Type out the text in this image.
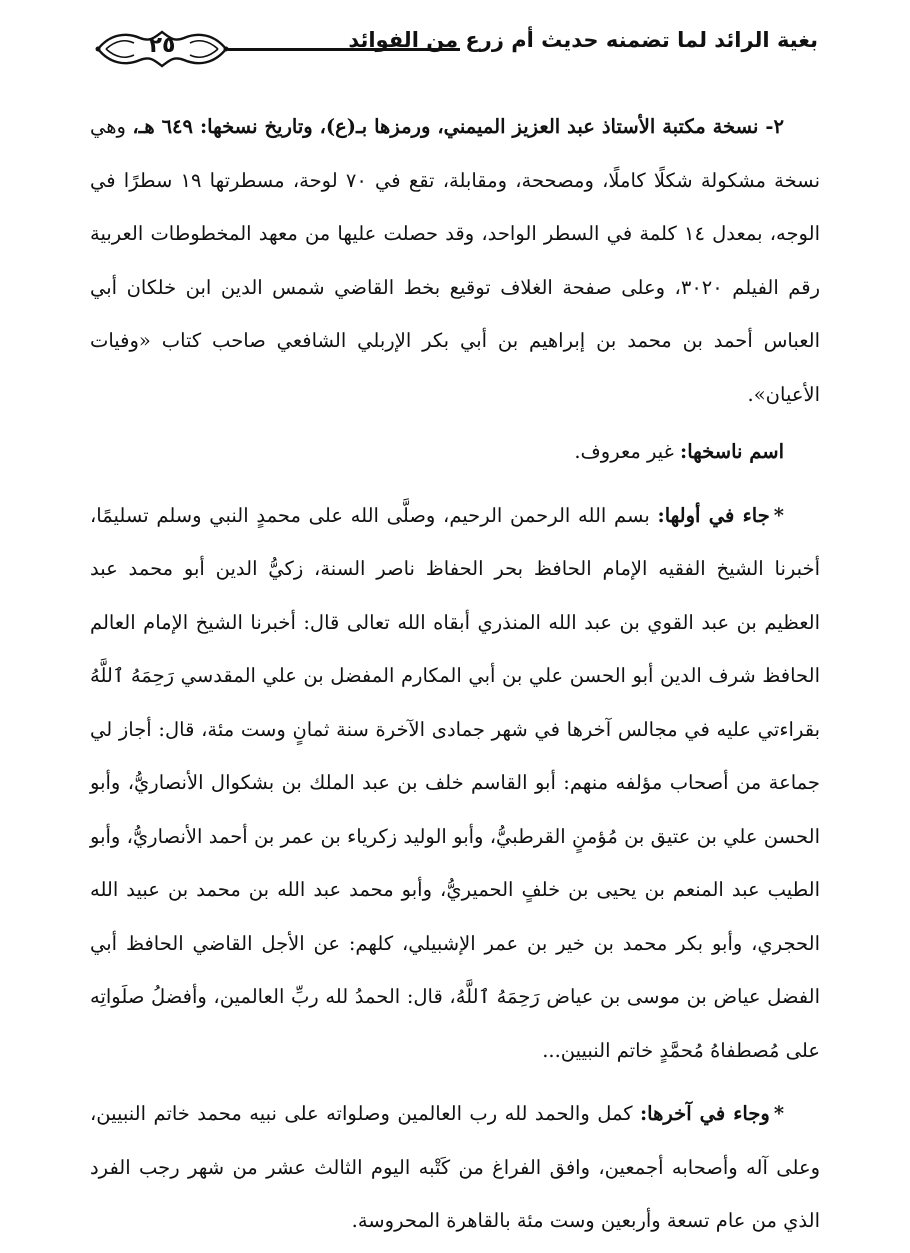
٢٥	بغية الرائد لما تضمنه حديث أم زرع من الفوائد

٢- نسخة مكتبة الأستاذ عبد العزيز الميمني، ورمزها بـ(ع)، وتاريخ نسخها: ٦٤٩ هـ، وهي نسخة مشكولة شكلًا كاملًا، ومصححة، ومقابلة، تقع في ٧٠ لوحة، مسطرتها ١٩ سطرًا في الوجه، بمعدل ١٤ كلمة في السطر الواحد، وقد حصلت عليها من معهد المخطوطات العربية رقم الفيلم ٣٠٢٠، وعلى صفحة الغلاف توقيع بخط القاضي شمس الدين ابن خلكان أبي العباس أحمد بن محمد بن إبراهيم بن أبي بكر الإربلي الشافعي صاحب كتاب «وفيات الأعيان».

اسم ناسخها: غير معروف.

*جاء في أولها: بسم الله الرحمن الرحيم، وصلَّى الله على محمدٍ النبي وسلم تسليمًا، أخبرنا الشيخ الفقيه الإمام الحافظ بحر الحفاظ ناصر السنة، زكيُّ الدين أبو محمد عبد العظيم بن عبد القوي بن عبد الله المنذري أبقاه الله تعالى قال: أخبرنا الشيخ الإمام العالم الحافظ شرف الدين أبو الحسن علي بن أبي المكارم المفضل بن علي المقدسي رَحِمَهُ ٱللَّهُ بقراءتي عليه في مجالس آخرها في شهر جمادى الآخرة سنة ثمانٍ وست مئة، قال: أجاز لي جماعة من أصحاب مؤلفه منهم: أبو القاسم خلف بن عبد الملك بن بشكوال الأنصاريُّ، وأبو الحسن علي بن عتيق بن مُؤمنٍ القرطبيُّ، وأبو الوليد زكرياء بن عمر بن أحمد الأنصاريُّ، وأبو الطيب عبد المنعم بن يحيى بن خلفٍ الحميريُّ، وأبو محمد عبد الله بن محمد بن عبيد الله الحجري، وأبو بكر محمد بن خير بن عمر الإشبيلي، كلهم: عن الأجل القاضي الحافظ أبي الفضل عياض بن موسى بن عياض رَحِمَهُ ٱللَّهُ، قال: الحمدُ لله ربِّ العالمين، وأفضلُ صلَواتِه على مُصطفاهُ مُحمَّدٍ خاتم النبيين...

*وجاء في آخرها: كمل والحمد لله رب العالمين وصلواته على نبيه محمد خاتم النبيين، وعلى آله وأصحابه أجمعين، وافق الفراغ من كَتْبه اليوم الثالث عشر من شهر رجب الفرد الذي من عام تسعة وأربعين وست مئة بالقاهرة المحروسة.
